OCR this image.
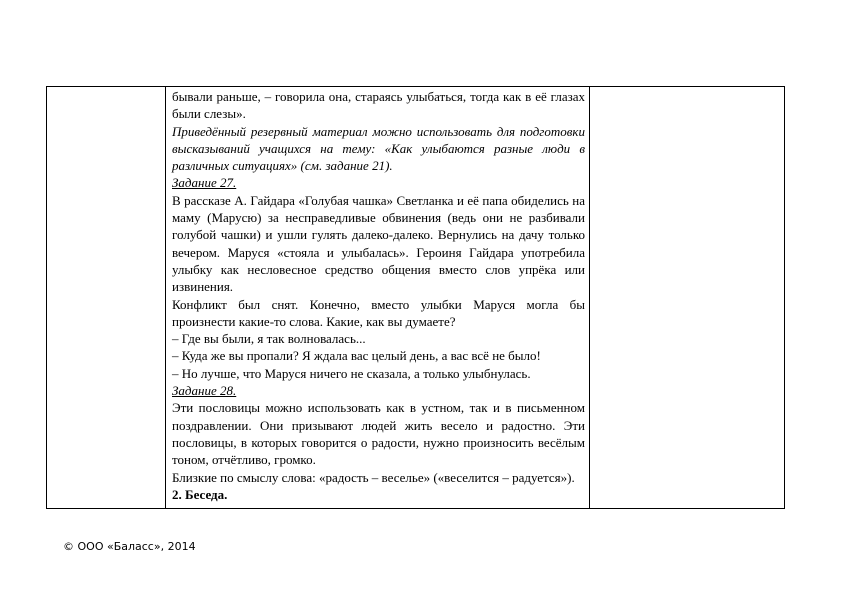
бывали раньше, – говорила она, стараясь улыбаться, тогда как в её глазах были слезы».

Приведённый резервный материал можно использовать для подготовки высказываний учащихся на тему: «Как улыбаются разные люди в различных ситуациях» (см. задание 21).

Задание 27.

В рассказе А. Гайдара «Голубая чашка» Светланка и её папа обиделись на маму (Марусю) за несправедливые обвинения (ведь они не разбивали голубой чашки) и ушли гулять далеко-далеко. Вернулись на дачу только вечером. Маруся «стояла и улыбалась». Героиня Гайдара употребила улыбку как несловесное средство общения вместо слов упрёка или извинения.

Конфликт был снят. Конечно, вместо улыбки Маруся могла бы произнести какие-то слова. Какие, как вы думаете?

– Где вы были, я так волновалась...

– Куда же вы пропали? Я ждала вас целый день, а вас всё не было!

– Но лучше, что Маруся ничего не сказала, а только улыбнулась.

Задание 28.

Эти пословицы можно использовать как в устном, так и в письменном поздравлении. Они призывают людей жить весело и радостно. Эти пословицы, в которых говорится о радости, нужно произносить весёлым тоном, отчётливо, громко.

Близкие по смыслу слова: «радость – веселье» («веселится – радуется»).

2. Беседа.

© ООО «Баласс», 2014
